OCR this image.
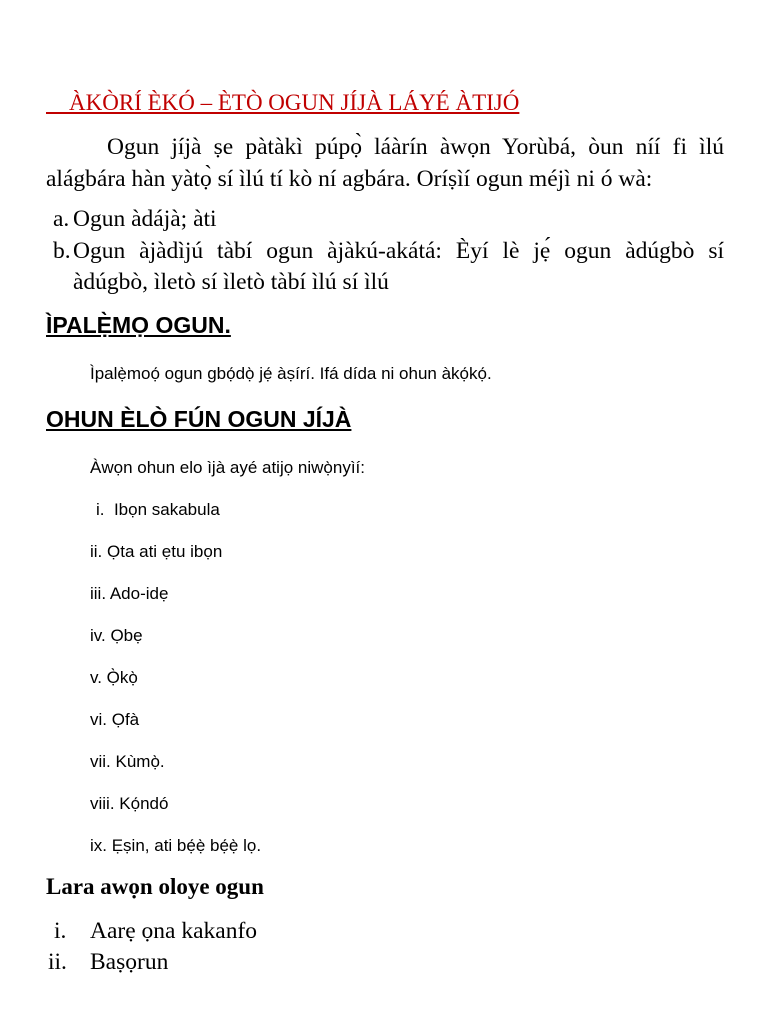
ÀKÒRÍ ÈKÓ – ÈTÒ OGUN JÍJÀ LÁYÉ ÀTIJÓ

Ogun jíjà ṣe pàtàkì púpọ̀ láàrín àwọn Yorùbá, òun níí fi ìlú alágbára hàn yàtọ̀ sí ìlú tí kò ní agbára. Oríṣìí ogun méjì ni ó wà:

a. Ogun àdájà; àti
b. Ogun àjàdìjú tàbí ogun àjàkú-akátá: Èyí lè jẹ́ ogun àdúgbò sí àdúgbò, ìletò sí ìletò tàbí ìlú sí ìlú
ÌPALẸ̀MỌ OGUN.
Ìpalẹ̀moọ́ ogun gbọ́dọ̀ jẹ́ àṣírí. Ifá dída ni ohun àkọ́kọ́.
OHUN ÈLÒ FÚN OGUN JÍJÀ
Àwọn ohun elo ìjà ayé atijọ niwọ̀nyìí:
i.  Ibọn sakabula
ii. Ọta ati ẹtu ibọn
iii. Ado-idẹ
iv. Ọbẹ
v. Ọ̀kọ̀
vi. Ọfà
vii. Kùmọ̀.
viii. Kọ́ndó
ix. Ẹṣin, ati bẹ́ẹ̀ bẹ́ẹ̀ lọ.
Lara awọn oloye ogun
i.	Aarẹ ọna kakanfo
ii. Baṣọrun
